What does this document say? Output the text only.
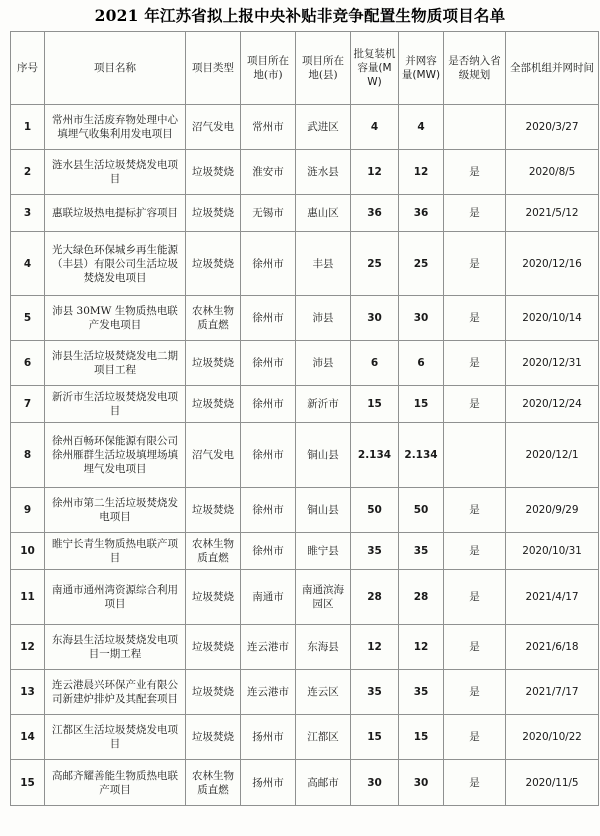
2021 年江苏省拟上报中央补贴非竞争配置生物质项目名单
序号	项目名称	项目类型	项目所在地(市)	项目所在地(县)	批复装机容量(MW)	并网容量(MW)	是否纳入省级规划	全部机组并网时间
1	常州市生活废弃物处理中心填埋气收集利用发电项目	沼气发电	常州市	武进区	4	4		2020/3/27
2	涟水县生活垃圾焚烧发电项目	垃圾焚烧	淮安市	涟水县	12	12	是	2020/8/5
3	惠联垃圾热电提标扩容项目	垃圾焚烧	无锡市	惠山区	36	36	是	2021/5/12
4	光大绿色环保城乡再生能源（丰县）有限公司生活垃圾焚烧发电项目	垃圾焚烧	徐州市	丰县	25	25	是	2020/12/16
5	沛县 30MW 生物质热电联产发电项目	农林生物质直燃	徐州市	沛县	30	30	是	2020/10/14
6	沛县生活垃圾焚烧发电二期项目工程	垃圾焚烧	徐州市	沛县	6	6	是	2020/12/31
7	新沂市生活垃圾焚烧发电项目	垃圾焚烧	徐州市	新沂市	15	15	是	2020/12/24
8	徐州百畅环保能源有限公司徐州雁群生活垃圾填埋场填埋气发电项目	沼气发电	徐州市	铜山县	2.134	2.134		2020/12/1
9	徐州市第二生活垃圾焚烧发电项目	垃圾焚烧	徐州市	铜山县	50	50	是	2020/9/29
10	睢宁长青生物质热电联产项目	农林生物质直燃	徐州市	睢宁县	35	35	是	2020/10/31
11	南通市通州湾资源综合利用项目	垃圾焚烧	南通市	南通滨海园区	28	28	是	2021/4/17
12	东海县生活垃圾焚烧发电项目一期工程	垃圾焚烧	连云港市	东海县	12	12	是	2021/6/18
13	连云港晨兴环保产业有限公司新建炉排炉及其配套项目	垃圾焚烧	连云港市	连云区	35	35	是	2021/7/17
14	江都区生活垃圾焚烧发电项目	垃圾焚烧	扬州市	江都区	15	15	是	2020/10/22
15	高邮齐耀善能生物质热电联产项目	农林生物质直燃	扬州市	高邮市	30	30	是	2020/11/5
